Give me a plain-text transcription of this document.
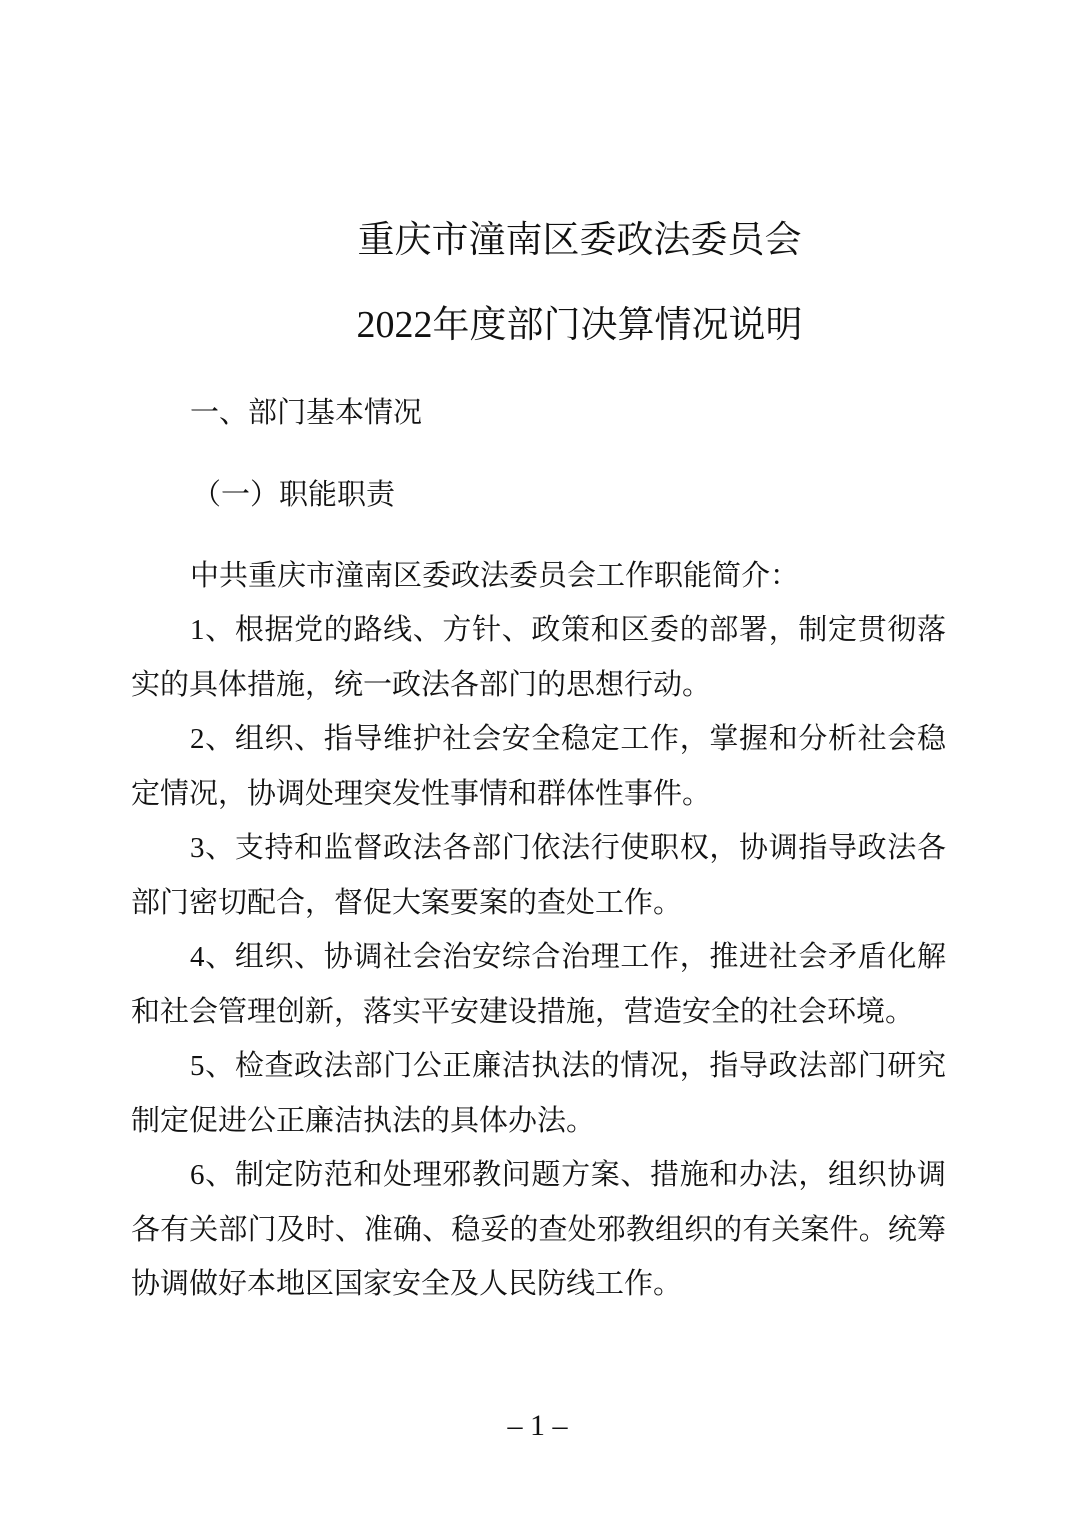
重庆市潼南区委政法委员会
2022年度部门决算情况说明
一、部门基本情况
（一）职能职责

中共重庆市潼南区委政法委员会工作职能简介：

1、根据党的路线、方针、政策和区委的部署，制定贯彻落实的具体措施，统一政法各部门的思想行动。

2、组织、指导维护社会安全稳定工作，掌握和分析社会稳定情况，协调处理突发性事情和群体性事件。

3、支持和监督政法各部门依法行使职权，协调指导政法各部门密切配合，督促大案要案的查处工作。

4、组织、协调社会治安综合治理工作，推进社会矛盾化解和社会管理创新，落实平安建设措施，营造安全的社会环境。

5、检查政法部门公正廉洁执法的情况，指导政法部门研究制定促进公正廉洁执法的具体办法。

6、制定防范和处理邪教问题方案、措施和办法，组织协调各有关部门及时、准确、稳妥的查处邪教组织的有关案件。统筹协调做好本地区国家安全及人民防线工作。

– 1 –
